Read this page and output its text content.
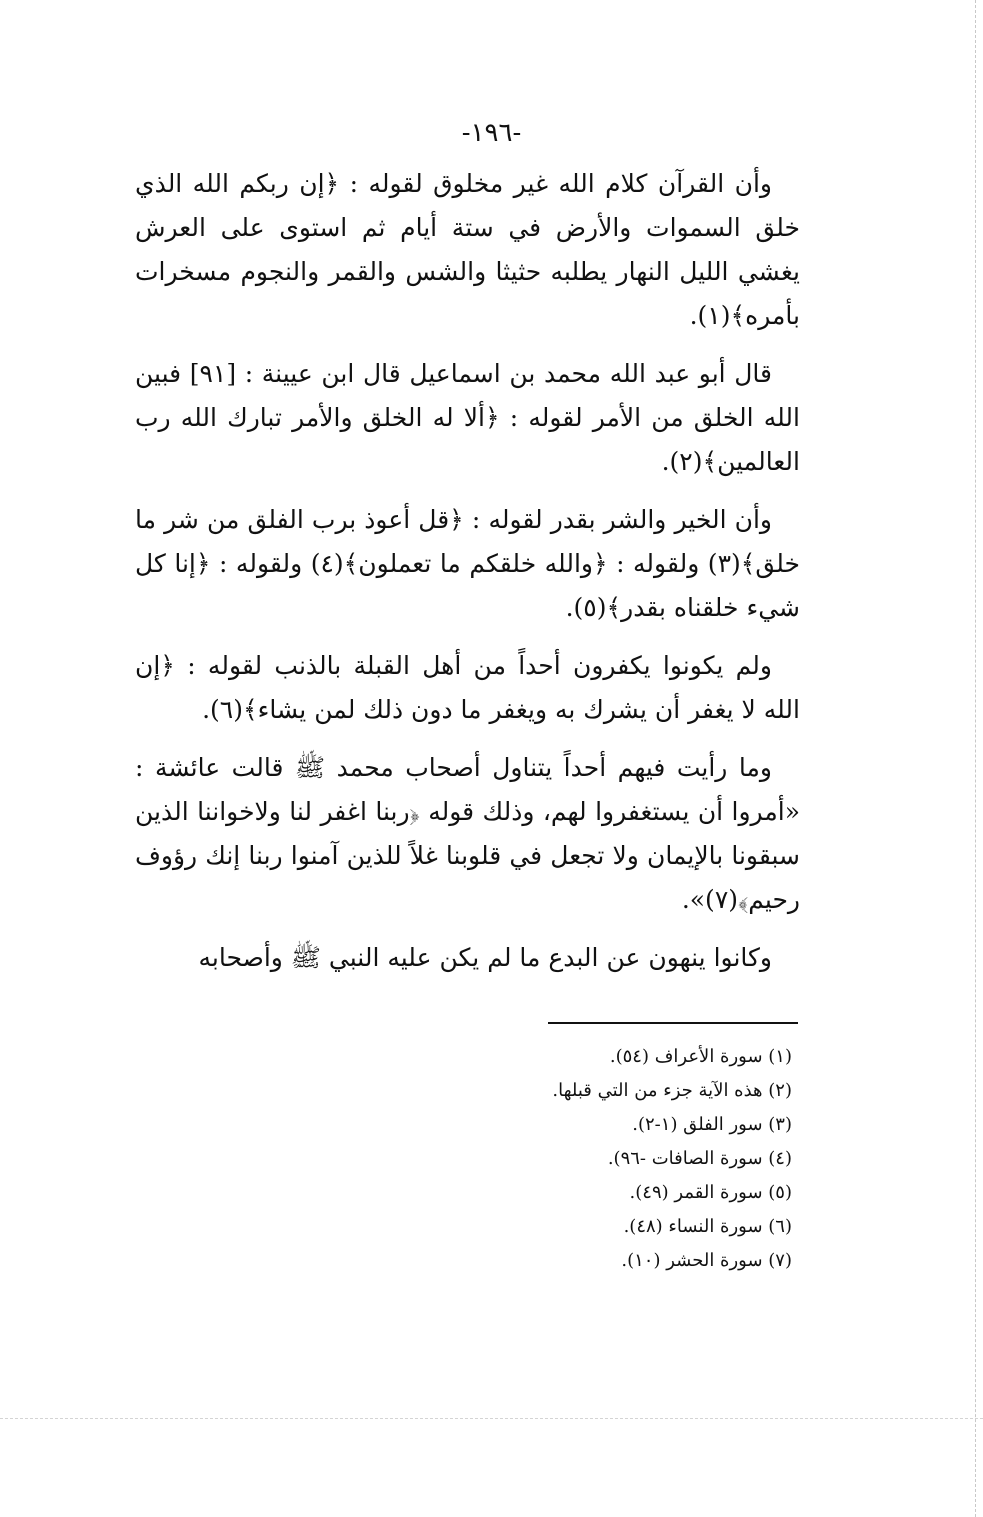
-١٩٦-

وأن القرآن كلام الله غير مخلوق لقوله : ﴿إن ربكم الله الذي خلق السموات والأرض في ستة أيام ثم استوى على العرش يغشي الليل النهار يطلبه حثيثا والشس والقمر والنجوم مسخرات بأمره﴾(١).

قال أبو عبد الله محمد بن اسماعيل قال ابن عيينة : [٩١] فبين الله الخلق من الأمر لقوله : ﴿ألا له الخلق والأمر تبارك الله رب العالمين﴾(٢).

وأن الخير والشر بقدر لقوله : ﴿قل أعوذ برب الفلق من شر ما خلق﴾(٣) ولقوله : ﴿والله خلقكم ما تعملون﴾(٤) ولقوله : ﴿إنا كل شيء خلقناه بقدر﴾(٥).

ولم يكونوا يكفرون أحداً من أهل القبلة بالذنب لقوله : ﴿إن الله لا يغفر أن يشرك به ويغفر ما دون ذلك لمن يشاء﴾(٦).

وما رأيت فيهم أحداً يتناول أصحاب محمد ﷺ قالت عائشة : «أمروا أن يستغفروا لهم، وذلك قوله ﴿ربنا اغفر لنا ولاخواننا الذين سبقونا بالإيمان ولا تجعل في قلوبنا غلاً للذين آمنوا ربنا إنك رؤوف رحيم﴾(٧)».

وكانوا ينهون عن البدع ما لم يكن عليه النبي ﷺ وأصحابه

(١) سورة الأعراف (٥٤).

(٢) هذه الآية جزء من التي قبلها.

(٣) سور الفلق (١-٢).

(٤) سورة الصافات -٩٦).

(٥) سورة القمر (٤٩).

(٦) سورة النساء (٤٨).

(٧) سورة الحشر (١٠).
